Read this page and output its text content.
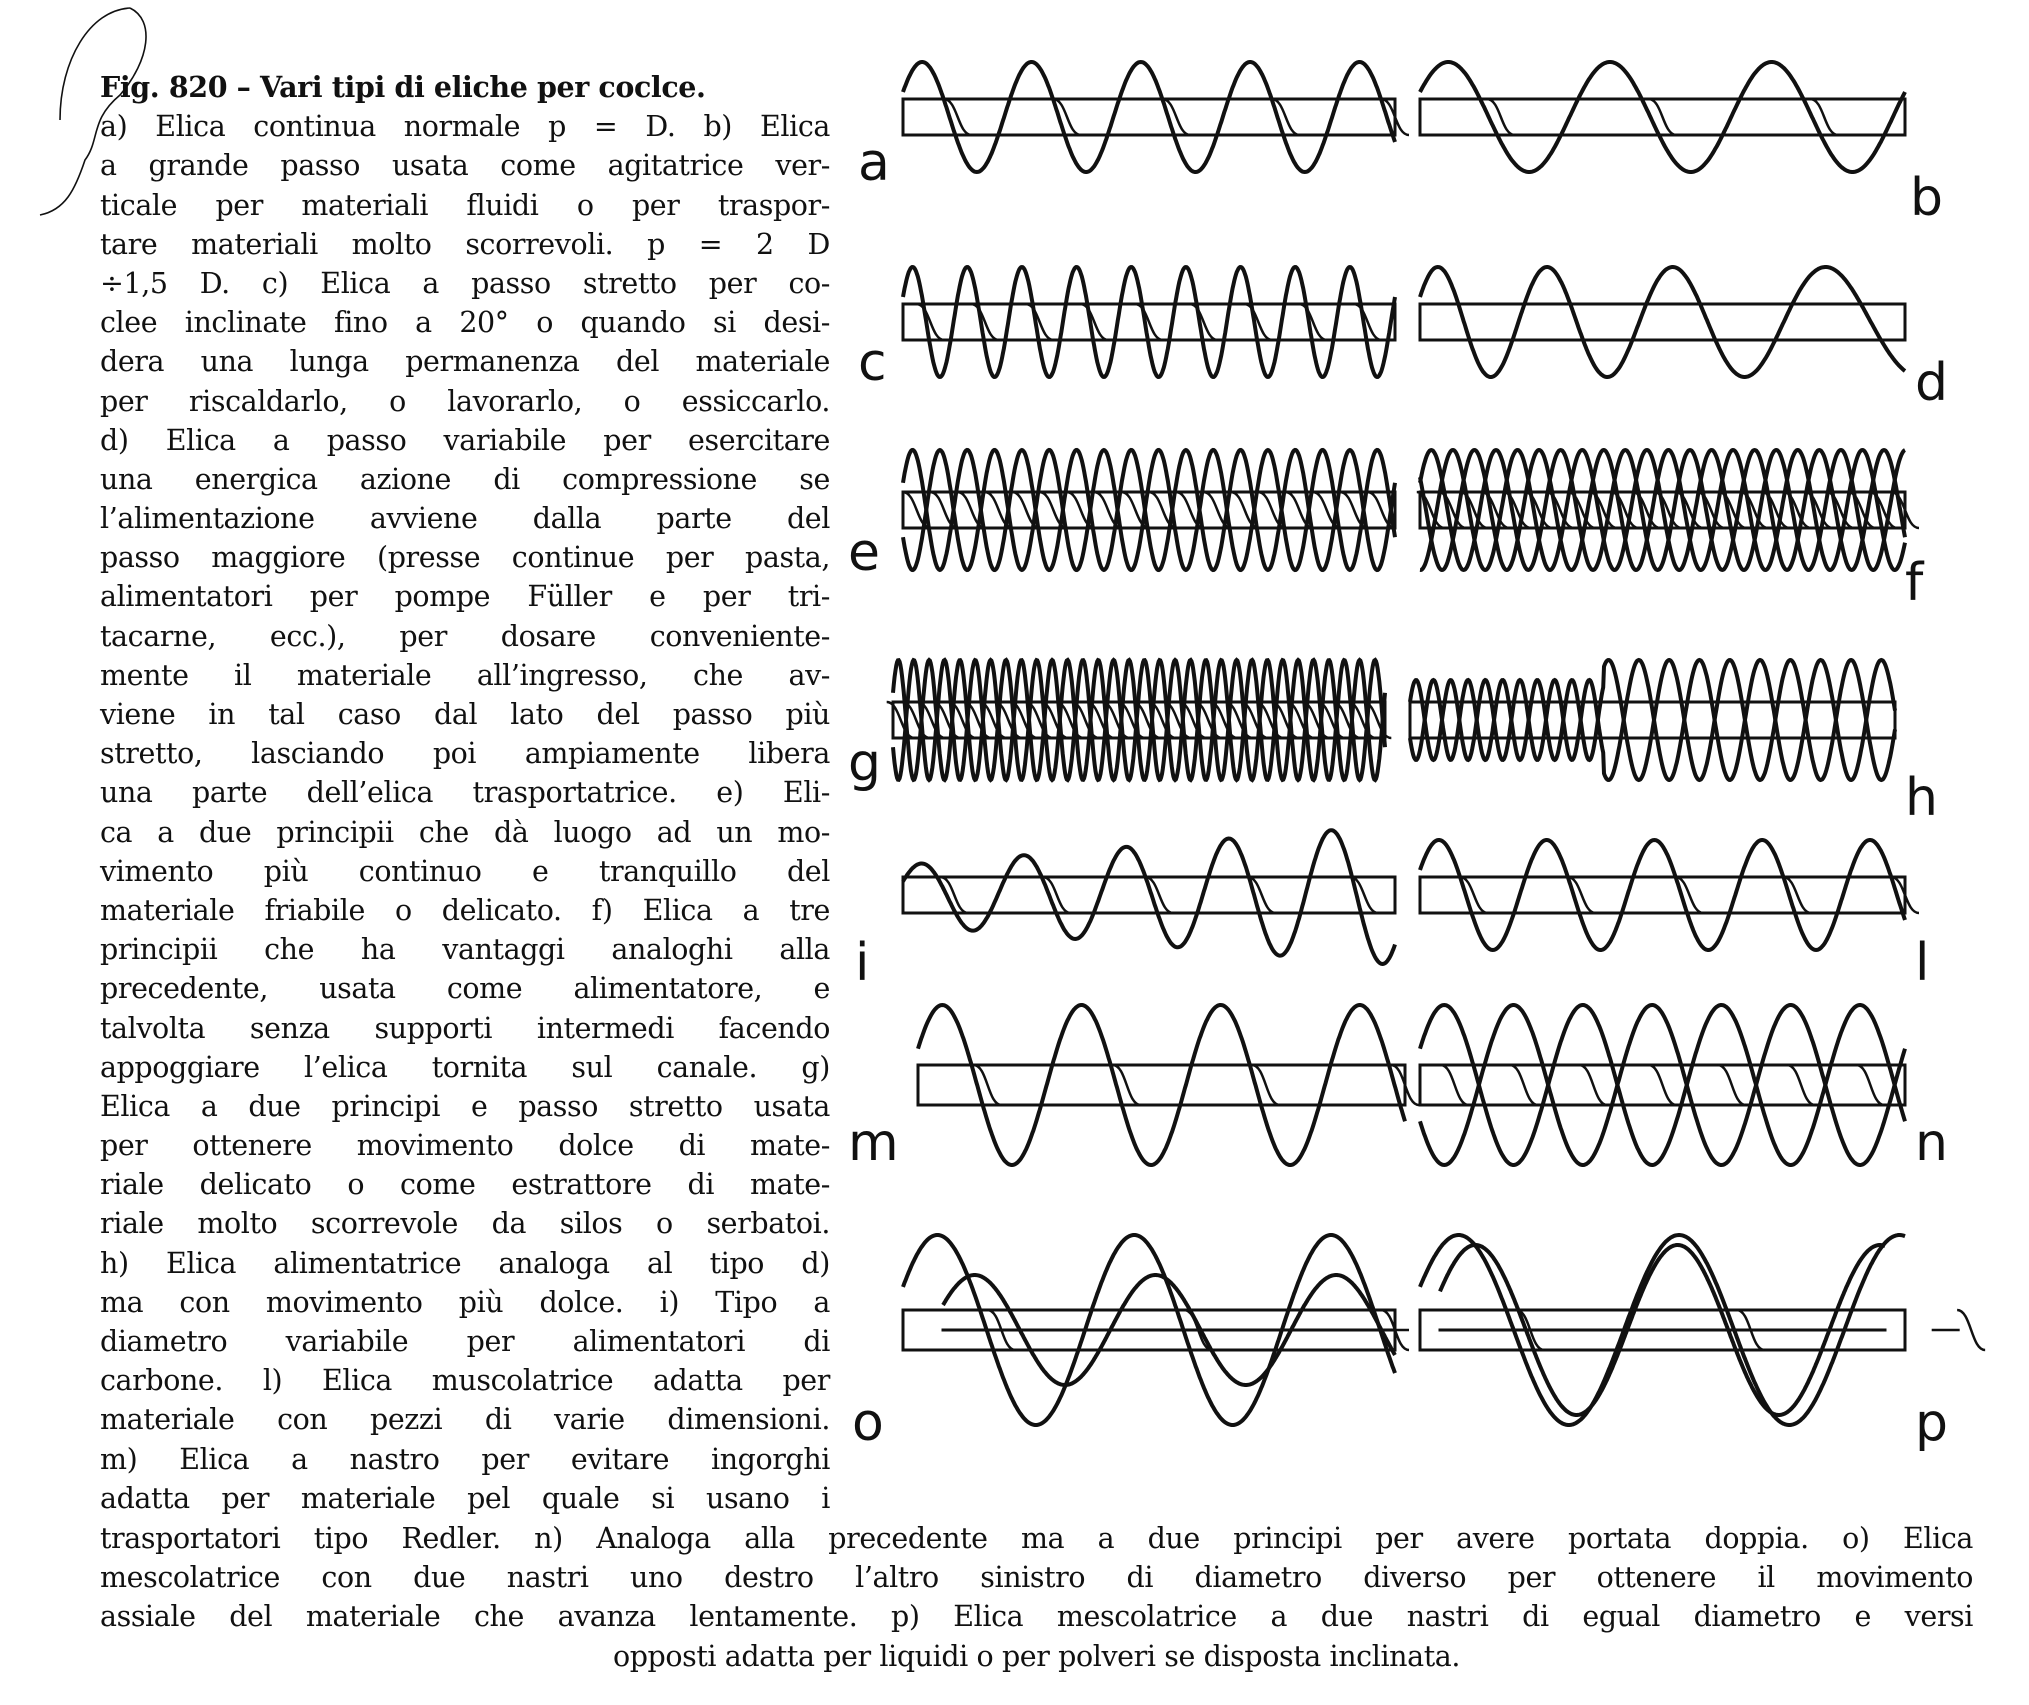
Fig. 820 – Vari tipi di eliche per coclce.
a) Elica continua normale p = D. b) Elica
a grande passo usata come agitatrice ver-
ticale per materiali fluidi o per traspor-
tare materiali molto scorrevoli. p = 2 D
÷1,5 D. c) Elica a passo stretto per co-
clee inclinate fino a 20° o quando si desi-
dera una lunga permanenza del materiale
per riscaldarlo, o lavorarlo, o essiccarlo.
d) Elica a passo variabile per esercitare
una energica azione di compressione se
l’alimentazione avviene dalla parte del
passo maggiore (presse continue per pasta,
alimentatori per pompe Füller e per tri-
tacarne, ecc.), per dosare conveniente-
mente il materiale all’ingresso, che av-
viene in tal caso dal lato del passo più
stretto, lasciando poi ampiamente libera
una parte dell’elica trasportatrice. e) Eli-
ca a due principii che dà luogo ad un mo-
vimento più continuo e tranquillo del
materiale friabile o delicato. f) Elica a tre
principii che ha vantaggi analoghi alla
precedente, usata come alimentatore, e
talvolta senza supporti intermedi facendo
appoggiare l’elica tornita sul canale. g)
Elica a due principi e passo stretto usata
per ottenere movimento dolce di mate-
riale delicato o come estrattore di mate-
riale molto scorrevole da silos o serbatoi.
h) Elica alimentatrice analoga al tipo d)
ma con movimento più dolce. i) Tipo a
diametro variabile per alimentatori di
carbone. l) Elica muscolatrice adatta per
materiale con pezzi di varie dimensioni.
m) Elica a nastro per evitare ingorghi
adatta per materiale pel quale si usano i
trasportatori tipo Redler. n) Analoga alla precedente ma a due principi per avere portata doppia. o) Elica
mescolatrice con due nastri uno destro l’altro sinistro di diametro diverso per ottenere il movimento
assiale del materiale che avanza lentamente. p) Elica mescolatrice a due nastri di egual diametro e versi
opposti adatta per liquidi o per polveri se disposta inclinata.
a
b
c	d
e	f
g
h
i	l
m	n
o	p
